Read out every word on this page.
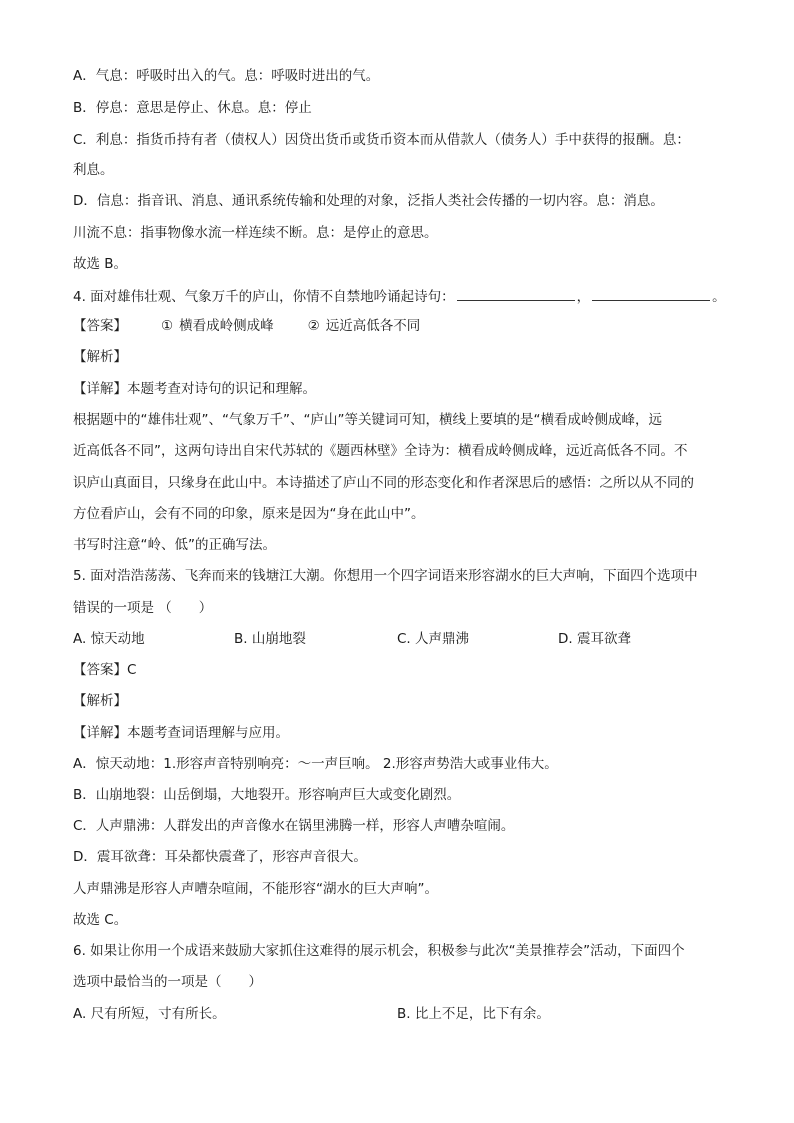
A．气息：呼吸时出入的气。息：呼吸时进出的气。
B．停息：意思是停止、休息。息：停止
C．利息：指货币持有者（债权人）因贷出货币或货币资本而从借款人（债务人）手中获得的报酬。息：
利息。
D．信息：指音讯、消息、通讯系统传输和处理的对象，泛指人类社会传播的一切内容。息：消息。
川流不息：指事物像水流一样连续不断。息：是停止的意思。
故选 B。
4. 面对雄伟壮观、气象万千的庐山，你情不自禁地吟诵起诗句：	，	。
【答案】	① 横看成岭侧成峰	② 远近高低各不同
【解析】
【详解】本题考查对诗句的识记和理解。
根据题中的“雄伟壮观”、“气象万千”、“庐山”等关键词可知，横线上要填的是“横看成岭侧成峰，远
近高低各不同”，这两句诗出自宋代苏轼的《题西林壁》全诗为：横看成岭侧成峰，远近高低各不同。不
识庐山真面目，只缘身在此山中。本诗描述了庐山不同的形态变化和作者深思后的感悟：之所以从不同的
方位看庐山，会有不同的印象，原来是因为“身在此山中”。
书写时注意“岭、低”的正确写法。
5. 面对浩浩荡荡、飞奔而来的钱塘江大潮。你想用一个四字词语来形容湖水的巨大声响，下面四个选项中
错误的一项是 （　　）
A. 惊天动地	B. 山崩地裂	C. 人声鼎沸	D. 震耳欲聋
【答案】C
【解析】
【详解】本题考查词语理解与应用。
A．惊天动地：1.形容声音特别响亮：～一声巨响。 2.形容声势浩大或事业伟大。
B．山崩地裂：山岳倒塌，大地裂开。形容响声巨大或变化剧烈。
C．人声鼎沸：人群发出的声音像水在锅里沸腾一样，形容人声嘈杂喧闹。
D．震耳欲聋：耳朵都快震聋了，形容声音很大。
人声鼎沸是形容人声嘈杂喧闹，不能形容“湖水的巨大声响”。
故选 C。
6. 如果让你用一个成语来鼓励大家抓住这难得的展示机会，积极参与此次“美景推荐会”活动，下面四个
选项中最恰当的一项是（　　）
A. 尺有所短，寸有所长。	B. 比上不足，比下有余。
